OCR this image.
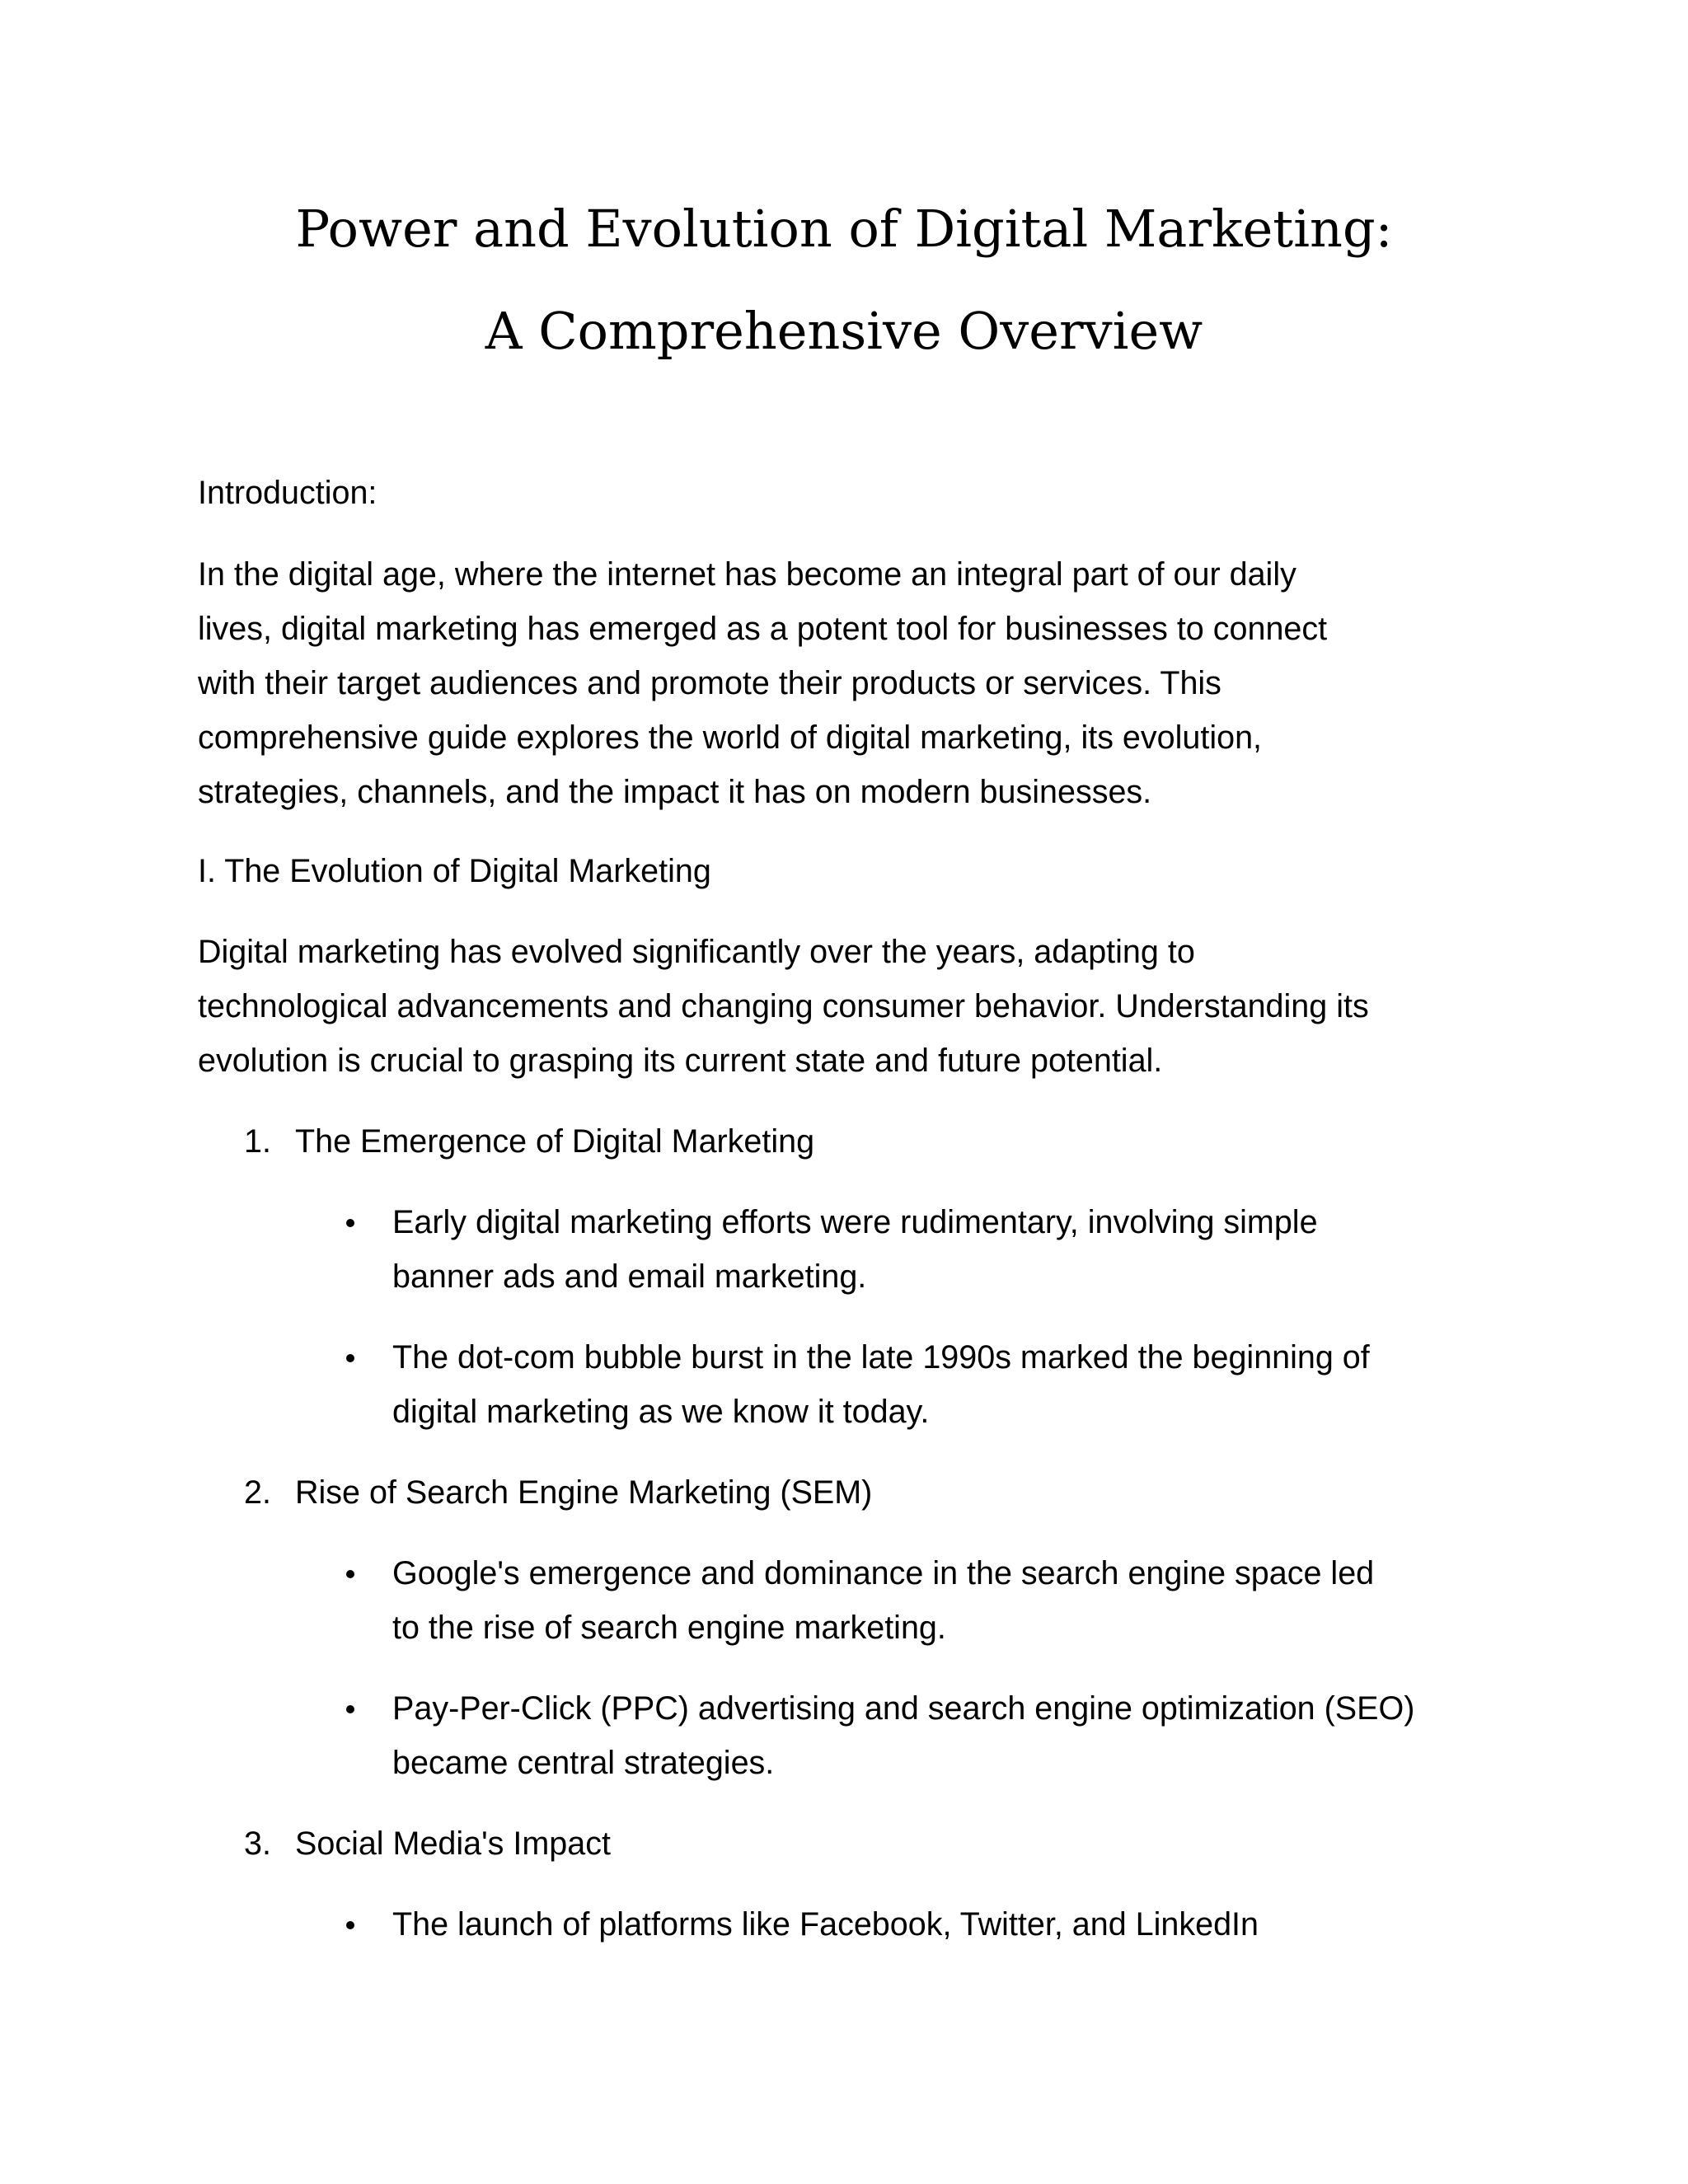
Power and Evolution of Digital Marketing:
A Comprehensive Overview
Introduction:
In the digital age, where the internet has become an integral part of our daily
lives, digital marketing has emerged as a potent tool for businesses to connect
with their target audiences and promote their products or services. This
comprehensive guide explores the world of digital marketing, its evolution,
strategies, channels, and the impact it has on modern businesses.
I. The Evolution of Digital Marketing
Digital marketing has evolved significantly over the years, adapting to
technological advancements and changing consumer behavior. Understanding its
evolution is crucial to grasping its current state and future potential.
1. The Emergence of Digital Marketing
Early digital marketing efforts were rudimentary, involving simple
banner ads and email marketing.
The dot-com bubble burst in the late 1990s marked the beginning of
digital marketing as we know it today.
2. Rise of Search Engine Marketing (SEM)
Google's emergence and dominance in the search engine space led
to the rise of search engine marketing.
Pay-Per-Click (PPC) advertising and search engine optimization (SEO)
became central strategies.
3. Social Media's Impact
The launch of platforms like Facebook, Twitter, and LinkedIn
